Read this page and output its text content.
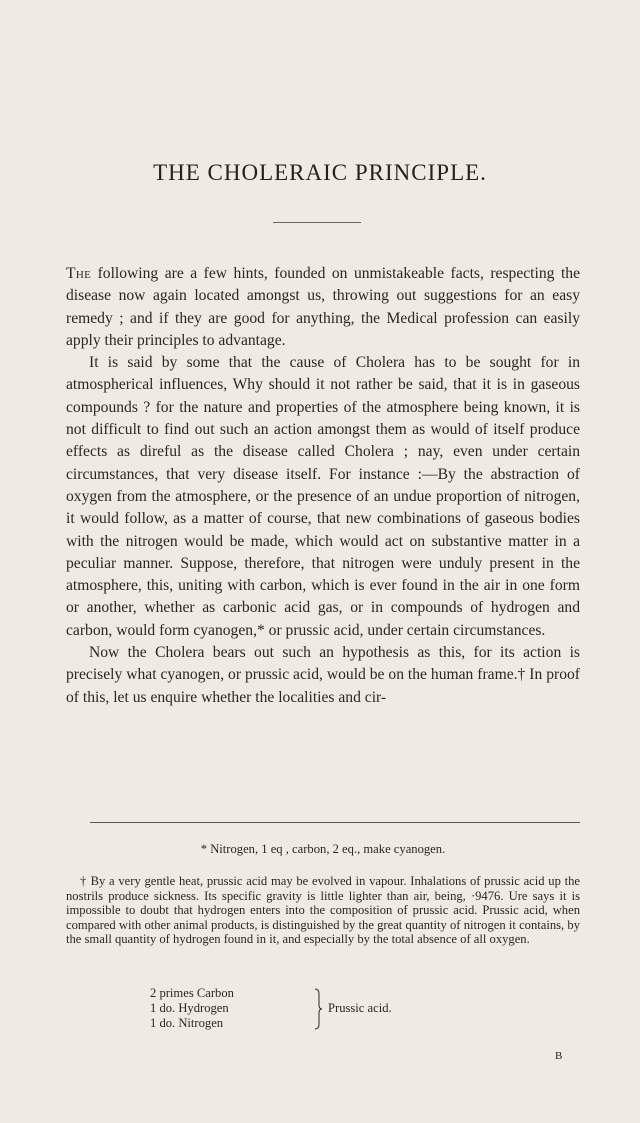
THE CHOLERAIC PRINCIPLE.

The following are a few hints, founded on unmistakeable facts, respecting the disease now again located amongst us, throwing out suggestions for an easy remedy ; and if they are good for anything, the Medical profession can easily apply their principles to advantage.

It is said by some that the cause of Cholera has to be sought for in atmospherical influences, Why should it not rather be said, that it is in gaseous compounds ? for the nature and properties of the atmosphere being known, it is not difficult to find out such an action amongst them as would of itself produce effects as direful as the disease called Cholera ; nay, even under certain circumstances, that very disease itself. For instance :—By the abstraction of oxygen from the atmosphere, or the presence of an undue proportion of nitrogen, it would follow, as a matter of course, that new combinations of gaseous bodies with the nitrogen would be made, which would act on substantive matter in a peculiar manner. Suppose, therefore, that nitrogen were unduly present in the atmosphere, this, uniting with carbon, which is ever found in the air in one form or another, whether as carbonic acid gas, or in compounds of hydrogen and carbon, would form cyanogen,* or prussic acid, under certain circumstances.

Now the Cholera bears out such an hypothesis as this, for its action is precisely what cyanogen, or prussic acid, would be on the human frame.† In proof of this, let us enquire whether the localities and cir-

* Nitrogen, 1 eq , carbon, 2 eq., make cyanogen.

† By a very gentle heat, prussic acid may be evolved in vapour. Inhalations of prussic acid up the nostrils produce sickness. Its specific gravity is little lighter than air, being, ·9476. Ure says it is impossible to doubt that hydrogen enters into the composition of prussic acid. Prussic acid, when compared with other animal products, is distinguished by the great quantity of nitrogen it contains, by the small quantity of hydrogen found in it, and especially by the total absence of all oxygen.

2 primes Carbon
1 do. Hydrogen
1 do. Nitrogen
Prussic acid.
B
